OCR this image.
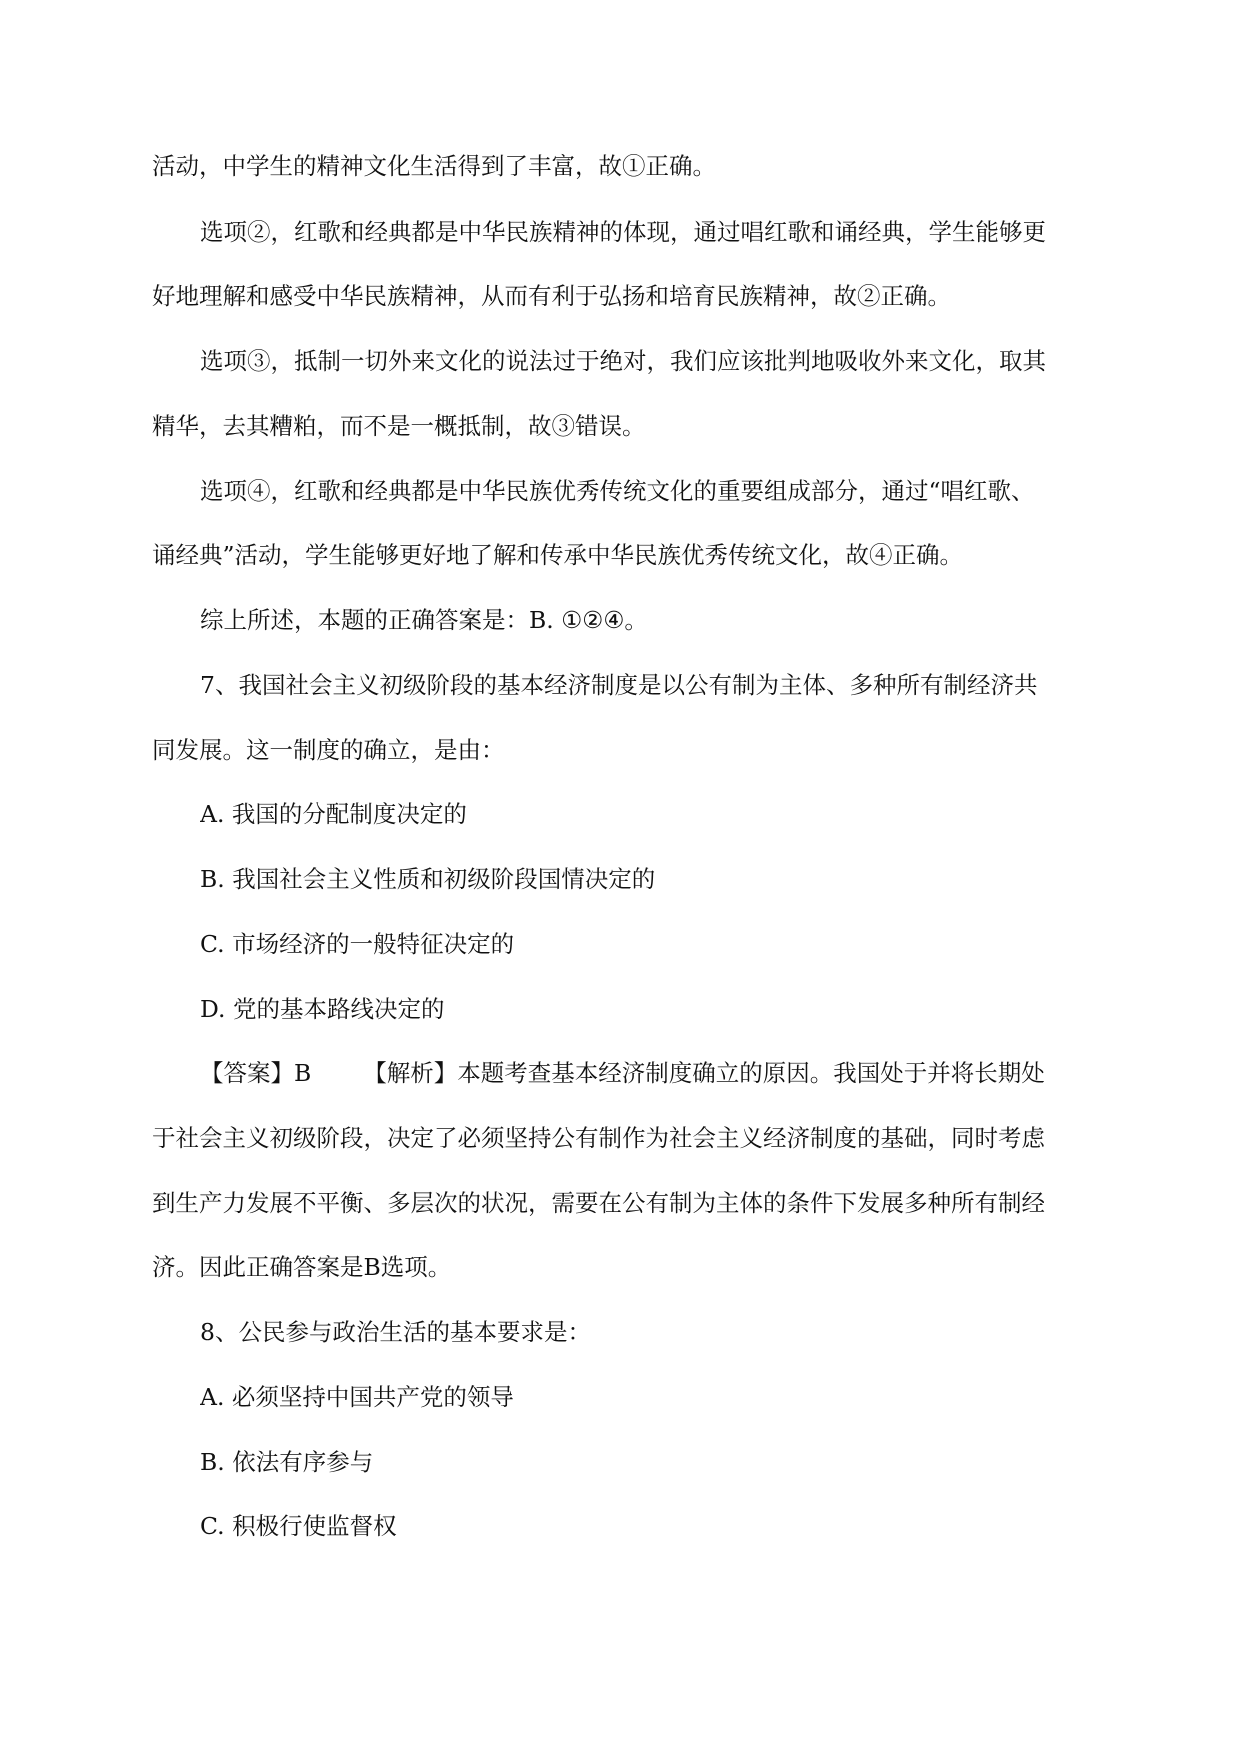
活动，中学生的精神文化生活得到了丰富，故①正确。
选项②，红歌和经典都是中华民族精神的体现，通过唱红歌和诵经典，学生能够更
好地理解和感受中华民族精神，从而有利于弘扬和培育民族精神，故②正确。
选项③，抵制一切外来文化的说法过于绝对，我们应该批判地吸收外来文化，取其
精华，去其糟粕，而不是一概抵制，故③错误。
选项④，红歌和经典都是中华民族优秀传统文化的重要组成部分，通过“唱红歌、
诵经典”活动，学生能够更好地了解和传承中华民族优秀传统文化，故④正确。
综上所述，本题的正确答案是：B. ①②④。
7、我国社会主义初级阶段的基本经济制度是以公有制为主体、多种所有制经济共
同发展。这一制度的确立，是由：
A. 我国的分配制度决定的
B. 我国社会主义性质和初级阶段国情决定的
C. 市场经济的一般特征决定的
D. 党的基本路线决定的
【答案】B 【解析】本题考查基本经济制度确立的原因。我国处于并将长期处
于社会主义初级阶段，决定了必须坚持公有制作为社会主义经济制度的基础，同时考虑
到生产力发展不平衡、多层次的状况，需要在公有制为主体的条件下发展多种所有制经
济。因此正确答案是B选项。
8、公民参与政治生活的基本要求是：
A. 必须坚持中国共产党的领导
B. 依法有序参与
C. 积极行使监督权
